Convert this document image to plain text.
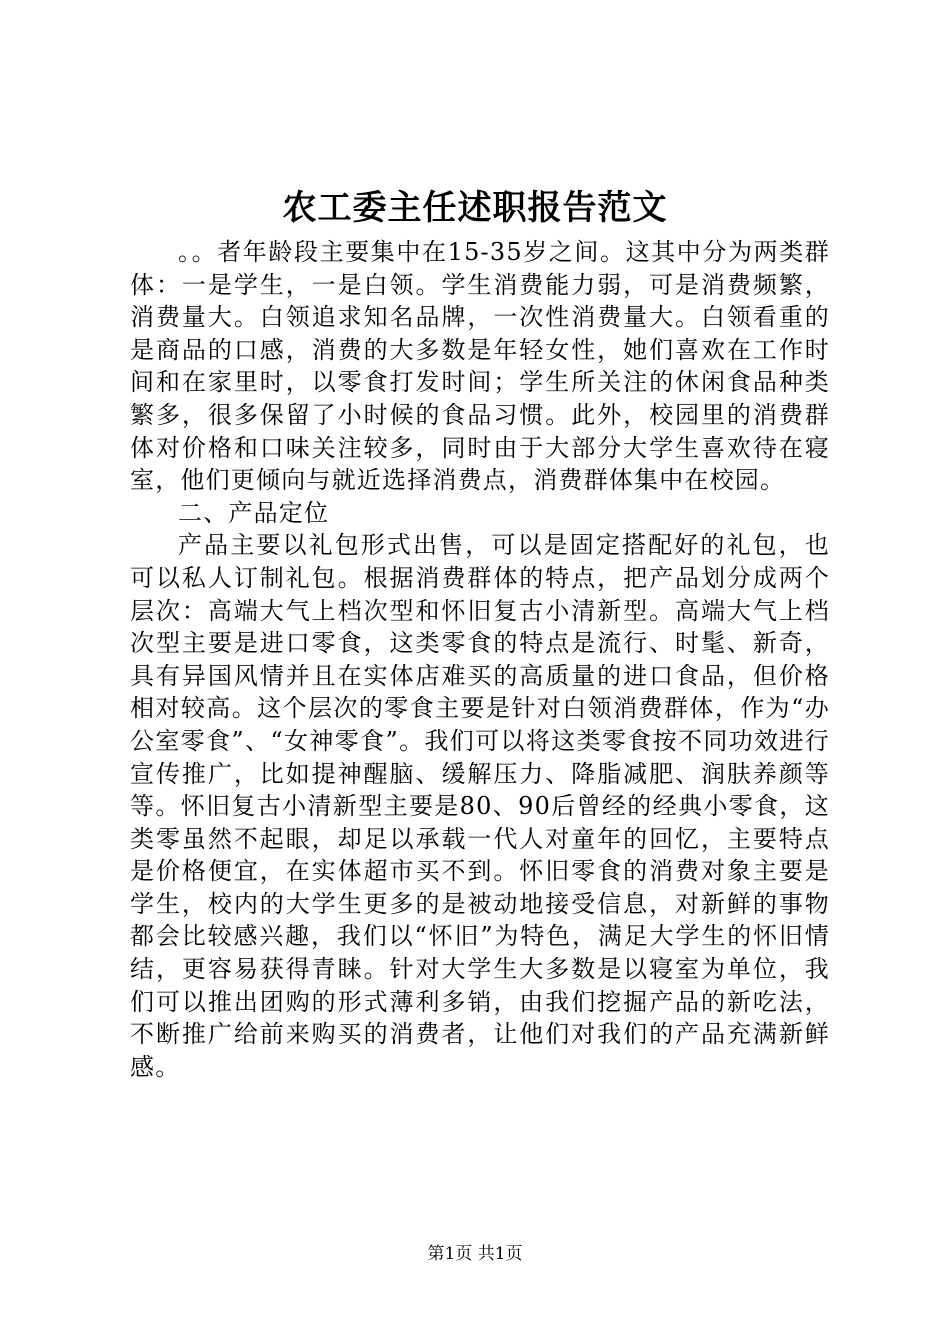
农工委主任述职报告范文

。。者年龄段主要集中在15-35岁之间。这其中分为两类群体：一是学生，一是白领。学生消费能力弱，可是消费频繁，消费量大。白领追求知名品牌，一次性消费量大。白领看重的是商品的口感，消费的大多数是年轻女性，她们喜欢在工作时间和在家里时，以零食打发时间；学生所关注的休闲食品种类繁多，很多保留了小时候的食品习惯。此外，校园里的消费群体对价格和口味关注较多，同时由于大部分大学生喜欢待在寝室，他们更倾向与就近选择消费点，消费群体集中在校园。

二、产品定位

产品主要以礼包形式出售，可以是固定搭配好的礼包，也可以私人订制礼包。根据消费群体的特点，把产品划分成两个层次：高端大气上档次型和怀旧复古小清新型。高端大气上档次型主要是进口零食，这类零食的特点是流行、时髦、新奇，具有异国风情并且在实体店难买的高质量的进口食品，但价格相对较高。这个层次的零食主要是针对白领消费群体，作为“办公室零食”、“女神零食”。我们可以将这类零食按不同功效进行宣传推广，比如提神醒脑、缓解压力、降脂减肥、润肤养颜等等。怀旧复古小清新型主要是80、90后曾经的经典小零食，这类零虽然不起眼，却足以承载一代人对童年的回忆，主要特点是价格便宜，在实体超市买不到。怀旧零食的消费对象主要是学生，校内的大学生更多的是被动地接受信息，对新鲜的事物都会比较感兴趣，我们以“怀旧”为特色，满足大学生的怀旧情结，更容易获得青睐。针对大学生大多数是以寝室为单位，我们可以推出团购的形式薄利多销，由我们挖掘产品的新吃法，不断推广给前来购买的消费者，让他们对我们的产品充满新鲜感。

第1页 共1页
